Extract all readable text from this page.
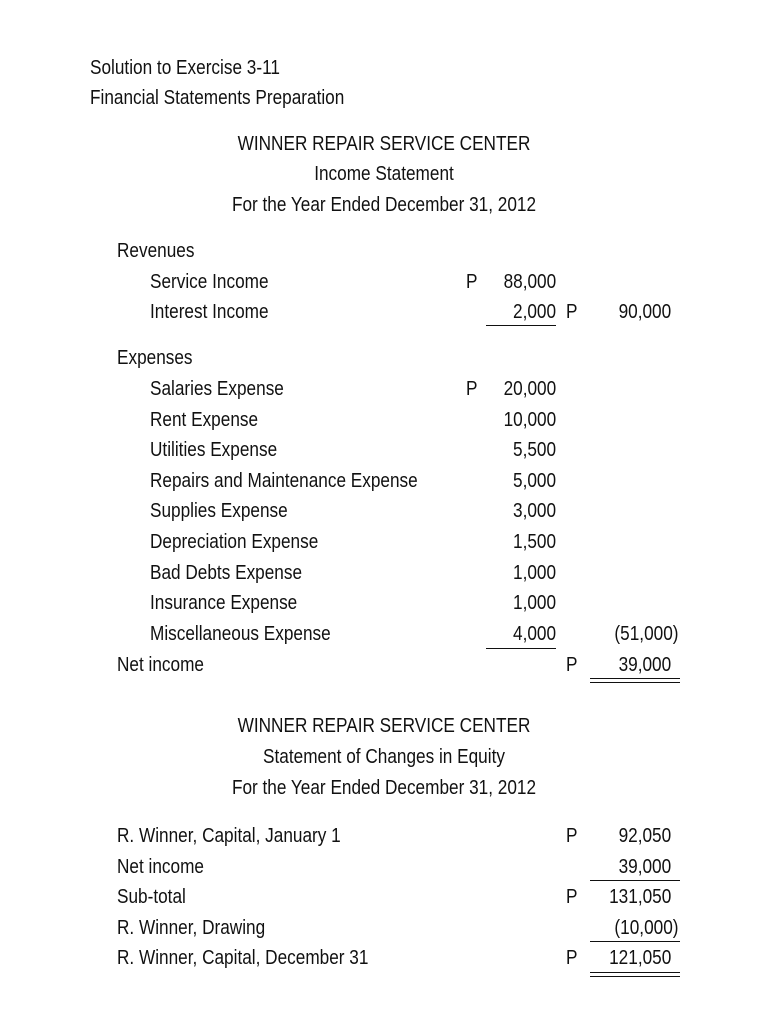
Solution to Exercise 3-11
Financial Statements Preparation
WINNER REPAIR SERVICE CENTER
Income Statement
For the Year Ended December 31, 2012
Revenues
Service Income	P 88,000
Interest Income	2,000 P 90,000
Expenses
Salaries Expense	P 20,000
Rent Expense	10,000
Utilities Expense	5,500
Repairs and Maintenance Expense	5,000
Supplies Expense	3,000
Depreciation Expense	1,500
Bad Debts Expense	1,000
Insurance Expense	1,000
Miscellaneous Expense	4,000	(51,000)
Net income	P 39,000
WINNER REPAIR SERVICE CENTER
Statement of Changes in Equity
For the Year Ended December 31, 2012
R. Winner, Capital, January 1	P 92,050
Net income	39,000
Sub-total	P 131,050
R. Winner, Drawing	(10,000)
R. Winner, Capital, December 31	P 121,050
